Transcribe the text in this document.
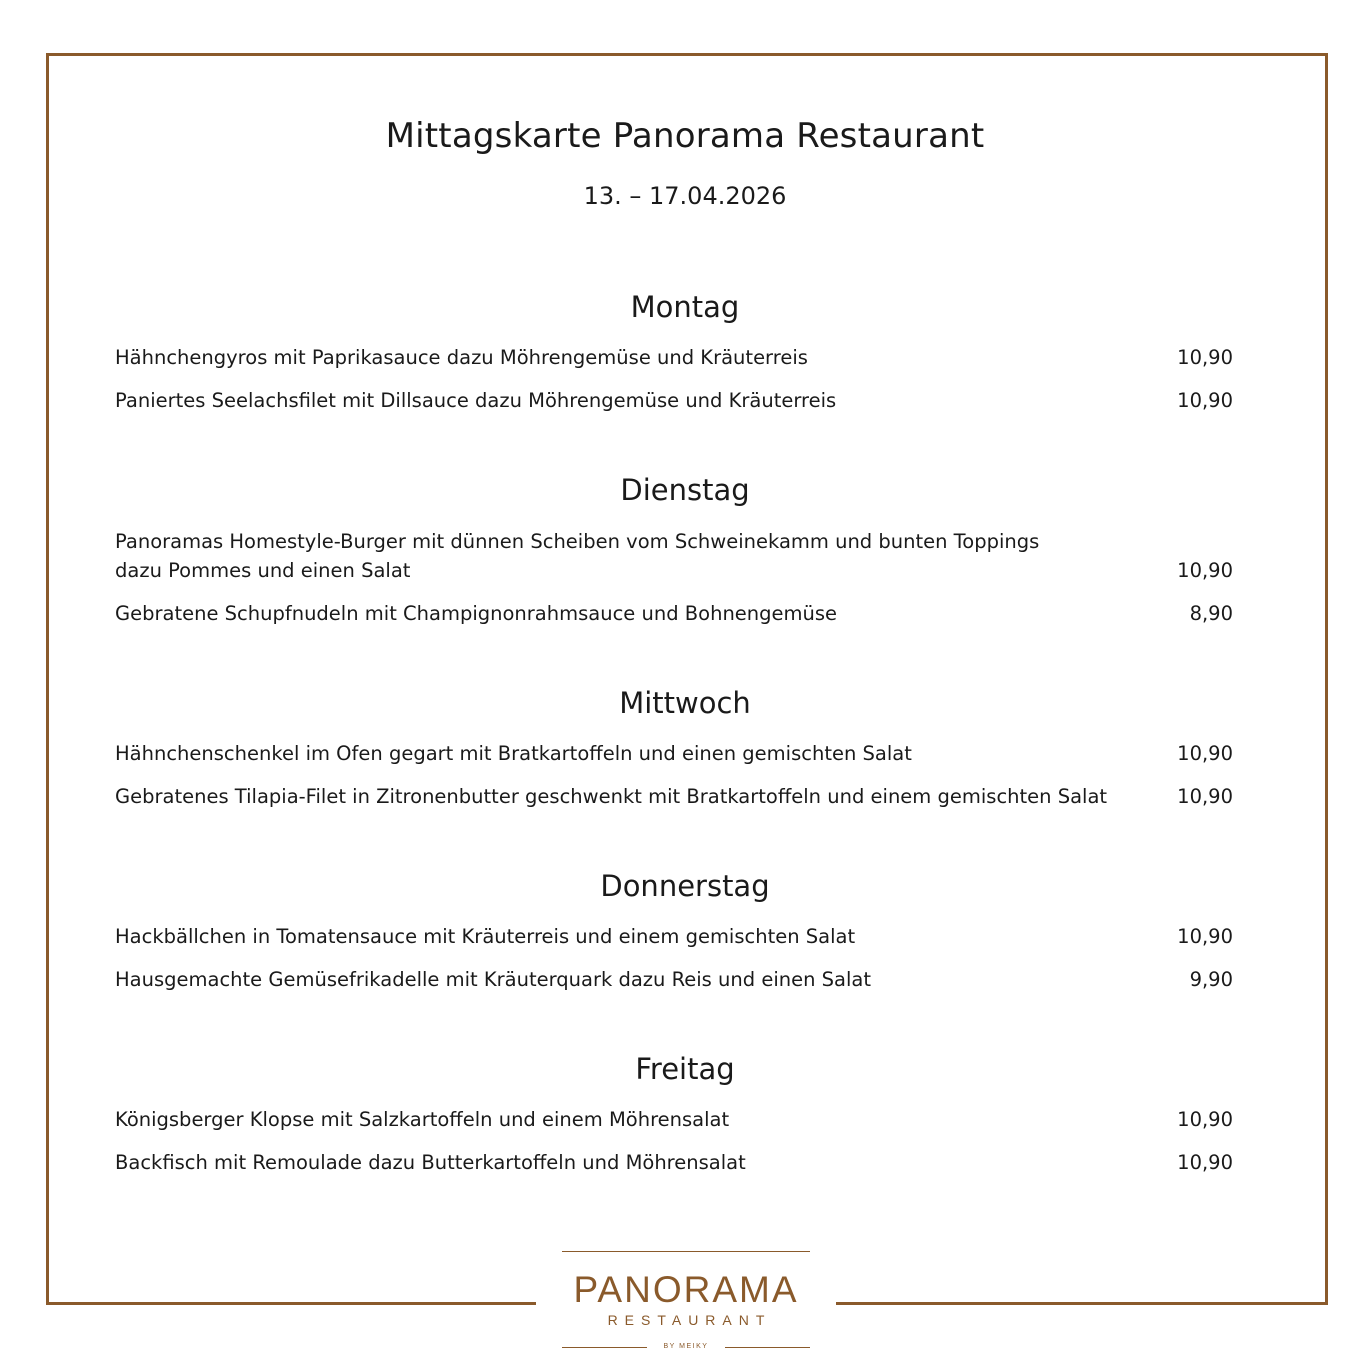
Mittagskarte Panorama Restaurant
13. – 17.04.2026
Montag
Hähnchengyros mit Paprikasauce dazu Möhrengemüse und Kräuterreis	10,90
Paniertes Seelachsfilet mit Dillsauce dazu Möhrengemüse und Kräuterreis	10,90
Dienstag
Panoramas Homestyle-Burger mit dünnen Scheiben vom Schweinekamm und bunten Toppings dazu Pommes und einen Salat	10,90
Gebratene Schupfnudeln mit Champignonrahmsauce und Bohnengemüse	8,90
Mittwoch
Hähnchenschenkel im Ofen gegart mit Bratkartoffeln und einen gemischten Salat	10,90
Gebratenes Tilapia-Filet in Zitronenbutter geschwenkt mit Bratkartoffeln und einem gemischten Salat	10,90
Donnerstag
Hackbällchen in Tomatensauce mit Kräuterreis und einem gemischten Salat	10,90
Hausgemachte Gemüsefrikadelle mit Kräuterquark dazu Reis und einen Salat	9,90
Freitag
Königsberger Klopse mit Salzkartoffeln und einem Möhrensalat	10,90
Backfisch mit Remoulade dazu Butterkartoffeln und Möhrensalat	10,90
PANORAMA
RESTAURANT
BY MEIKY
